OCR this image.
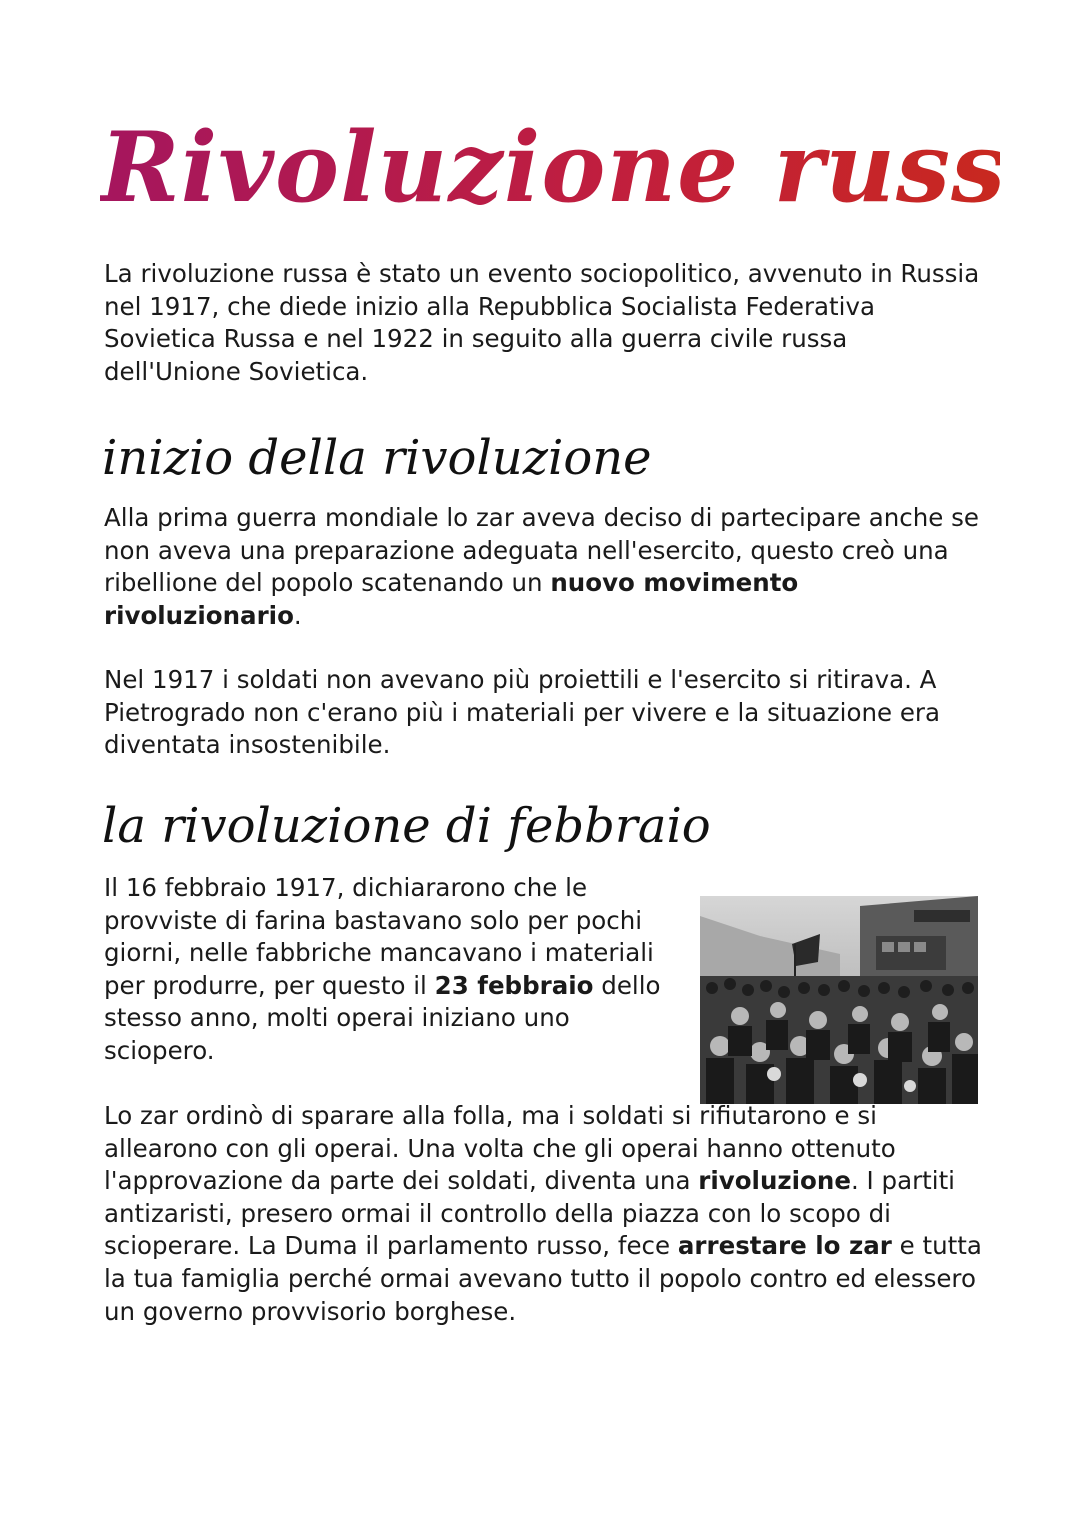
Rivoluzione russa

La rivoluzione russa è stato un evento sociopolitico, avvenuto in Russia nel 1917, che diede inizio alla Repubblica Socialista Federativa Sovietica Russa e nel 1922 in seguito alla guerra civile russa dell'Unione Sovietica.

inizio della rivoluzione

Alla prima guerra mondiale lo zar aveva deciso di partecipare anche se non aveva una preparazione adeguata nell'esercito, questo creò una ribellione del popolo scatenando un nuovo movimento rivoluzionario.

Nel 1917 i soldati non avevano più proiettili e l'esercito si ritirava. A Pietrogrado non c'erano più i materiali per vivere e la situazione era diventata insostenibile.

la rivoluzione di febbraio

Il 16 febbraio 1917, dichiararono che le provviste di farina bastavano solo per pochi giorni, nelle fabbriche mancavano i materiali per produrre, per questo il 23 febbraio dello stesso anno, molti operai iniziano uno sciopero.

Lo zar ordinò di sparare alla folla, ma i soldati si rifiutarono e si allearono con gli operai. Una volta che gli operai hanno ottenuto l'approvazione da parte dei soldati, diventa una rivoluzione. I partiti antizaristi, presero ormai il controllo della piazza con lo scopo di scioperare. La Duma il parlamento russo, fece arrestare lo zar e tutta la tua famiglia perché ormai avevano tutto il popolo contro ed elessero un governo provvisorio borghese.
